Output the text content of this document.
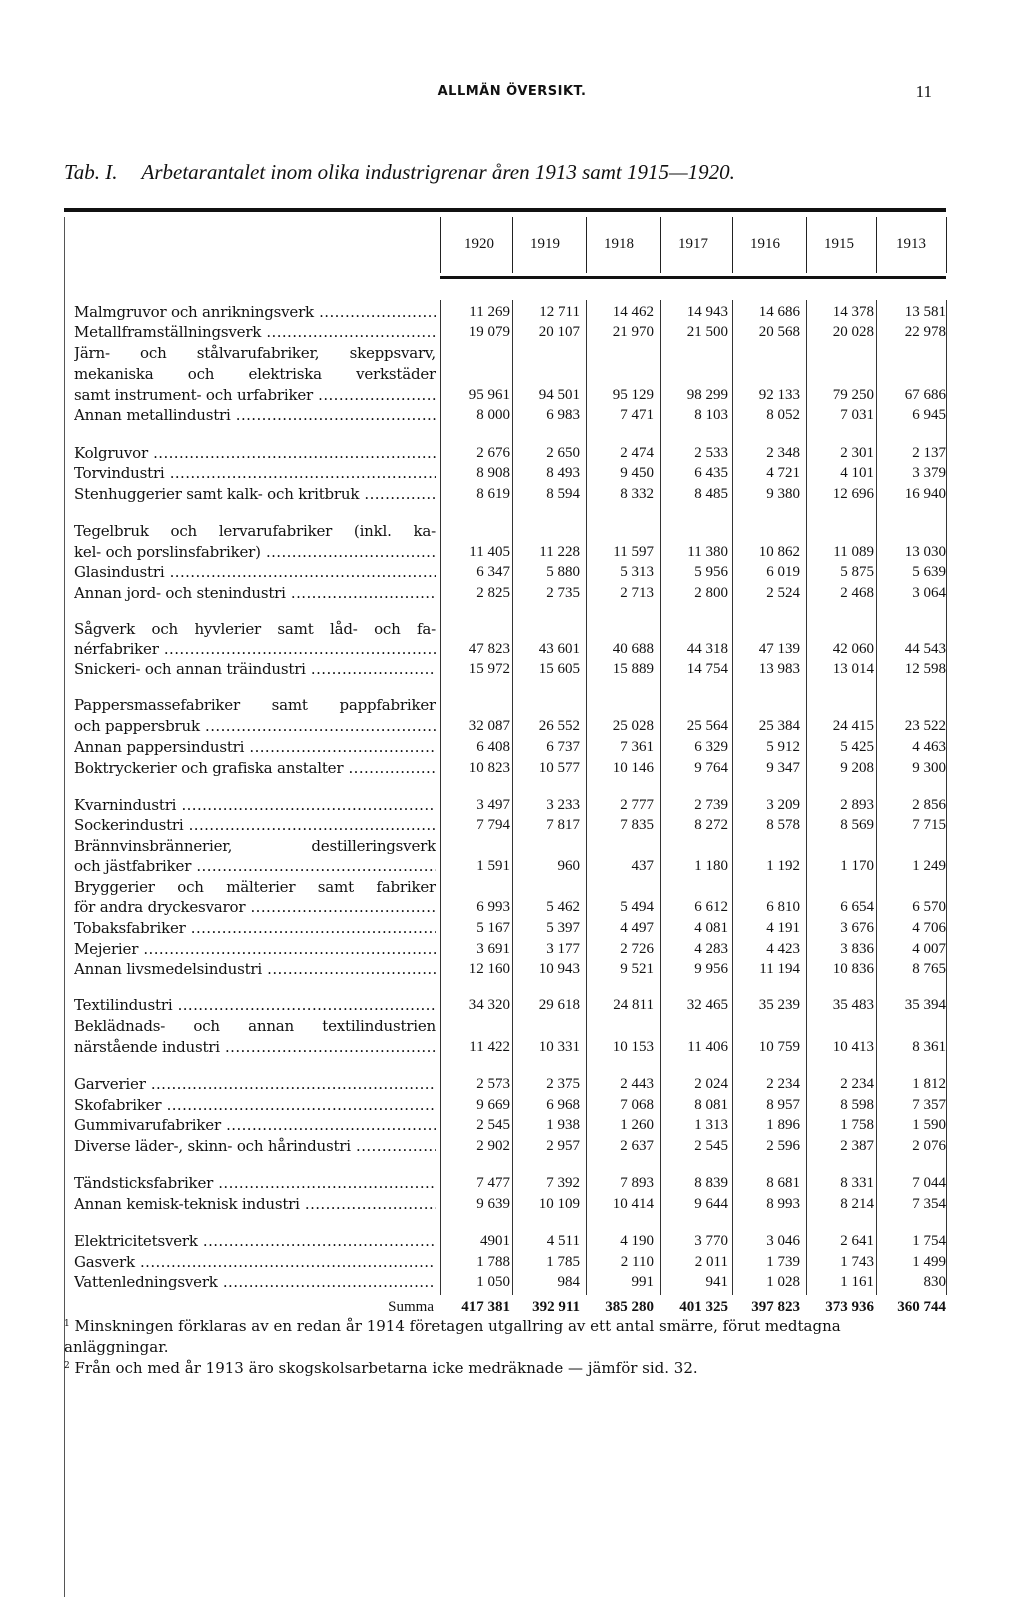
ALLMÄN ÖVERSIKT.	11
Tab. I. Arbetarantalet inom olika industrigrenar åren 1913 samt 1915—1920.
1920	1919	1918	1917	1916	1915	1913
Malmgruvor och anrikningsverk .....	11 269	12 711	14 462	14 943	14 686	14 378	13 581
Metallframställningsverk .....	19 079	20 107	21 970	21 500	20 568	20 028	22 978
Järn- och stålvarufabriker, skeppsvarv,
mekaniska och elektriska verkstäder
samt instrument- och urfabriker .....	95 961	94 501	95 129	98 299	92 133	79 250	67 686
Annan metallindustri .....	8 000	6 983	7 471	8 103	8 052	7 031	6 945
Kolgruvor .....	2 676	2 650	2 474	2 533	2 348	2 301	2 137
Torvindustri .....	8 908	8 493	9 450	6 435	4 721	4 101	3 379
Stenhuggerier samt kalk- och kritbruk .....	8 619	8 594	8 332	8 485	9 380	12 696	16 940
Tegelbruk och lervarufabriker (inkl. ka-
kel- och porslinsfabriker) .....	11 405	11 228	11 597	11 380	10 862	11 089	13 030
Glasindustri .....	6 347	5 880	5 313	5 956	6 019	5 875	5 639
Annan jord- och stenindustri .....	2 825	2 735	2 713	2 800	2 524	2 468	3 064
Sågverk och hyvlerier samt låd- och fa-
nérfabriker .....	47 823	43 601	40 688	44 318	47 139	42 060	44 543
Snickeri- och annan träindustri .....	15 972	15 605	15 889	14 754	13 983	13 014	12 598
Pappersmassefabriker samt pappfabriker
och pappersbruk .....	32 087	26 552	25 028	25 564	25 384	24 415	23 522
Annan pappersindustri .....	6 408	6 737	7 361	6 329	5 912	5 425	4 463
Boktryckerier och grafiska anstalter .....	10 823	10 577	10 146	9 764	9 347	9 208	9 300
Kvarnindustri .....	3 497	3 233	2 777	2 739	3 209	2 893	2 856
Sockerindustri .....	7 794	7 817	7 835	8 272	8 578	8 569	7 715
Brännvinsbrännerier, destilleringsverk
och jästfabriker .....	1 591	960	437	1 180	1 192	1 170	1 249
Bryggerier och mälterier samt fabriker
för andra dryckesvaror .....	6 993	5 462	5 494	6 612	6 810	6 654	6 570
Tobaksfabriker .....	5 167	5 397	4 497	4 081	4 191	3 676	4 706
Mejerier .....	3 691	3 177	2 726	4 283	4 423	3 836	4 007
Annan livsmedelsindustri .....	12 160	10 943	9 521	9 956	11 194	10 836	8 765
Textilindustri .....	34 320	29 618	24 811	32 465	35 239	35 483	35 394
Beklädnads- och annan textilindustrien
närstående industri .....	11 422	10 331	10 153	11 406	10 759	10 413	8 361
Garverier .....	2 573	2 375	2 443	2 024	2 234	2 234	1 812
Skofabriker .....	9 669	6 968	7 068	8 081	8 957	8 598	7 357
Gummivarufabriker .....	2 545	1 938	1 260	1 313	1 896	1 758	1 590
Diverse läder-, skinn- och hårindustri .....	2 902	2 957	2 637	2 545	2 596	2 387	2 076
Tändsticksfabriker .....	7 477	7 392	7 893	8 839	8 681	8 331	7 044
Annan kemisk-teknisk industri .....	9 639	10 109	10 414	9 644	8 993	8 214	7 354
Elektricitetsverk .....	4901	4 511	4 190	3 770	3 046	2 641	1 754
Gasverk .....	1 788	1 785	2 110	2 011	1 739	1 743	1 499
Vattenledningsverk .....	1 050	984	991	941	1 028	1 161	830
Summa	417 381	392 911	385 280	401 325	397 823	373 936	360 744
$^1$ Minskningen förklaras av en redan år 1914 företagen utgallring av ett antal smärre, förut medtagna anläggningar.
$^2$ Från och med år 1913 äro skogskolsarbetarna icke medräknade — jämför sid. 32.
